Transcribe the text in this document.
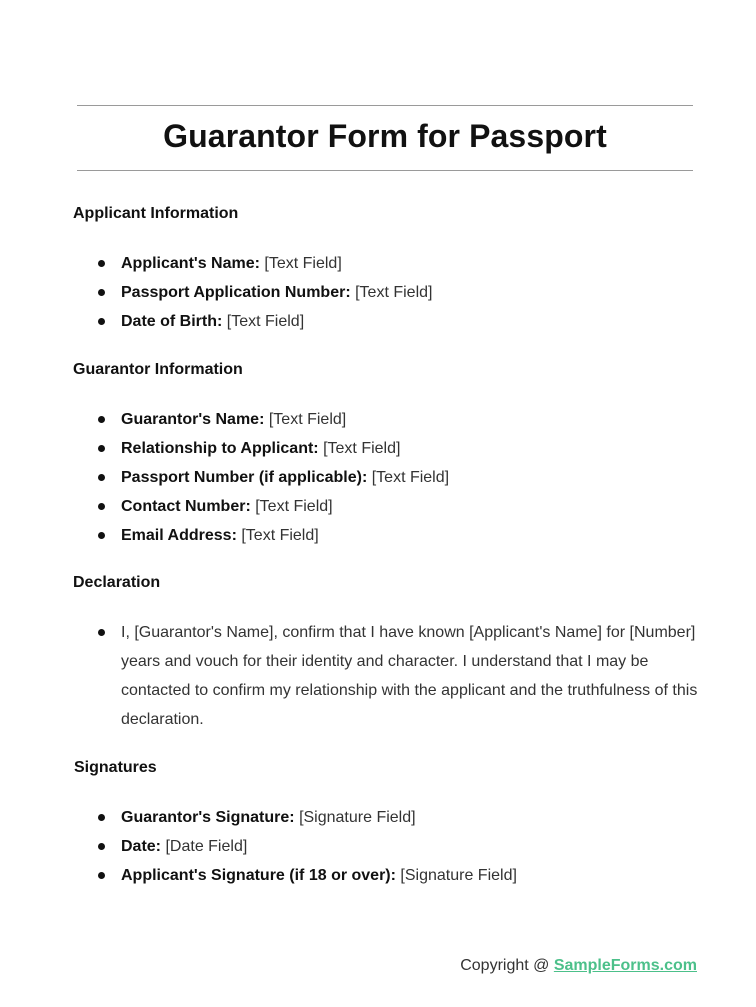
Guarantor Form for Passport
Applicant Information
Applicant's Name: [Text Field]
Passport Application Number: [Text Field]
Date of Birth: [Text Field]
Guarantor Information
Guarantor's Name: [Text Field]
Relationship to Applicant: [Text Field]
Passport Number (if applicable): [Text Field]
Contact Number: [Text Field]
Email Address: [Text Field]
Declaration
I, [Guarantor's Name], confirm that I have known [Applicant's Name] for [Number] years and vouch for their identity and character. I understand that I may be contacted to confirm my relationship with the applicant and the truthfulness of this declaration.
Signatures
Guarantor's Signature: [Signature Field]
Date: [Date Field]
Applicant's Signature (if 18 or over): [Signature Field]
Copyright @ SampleForms.com
